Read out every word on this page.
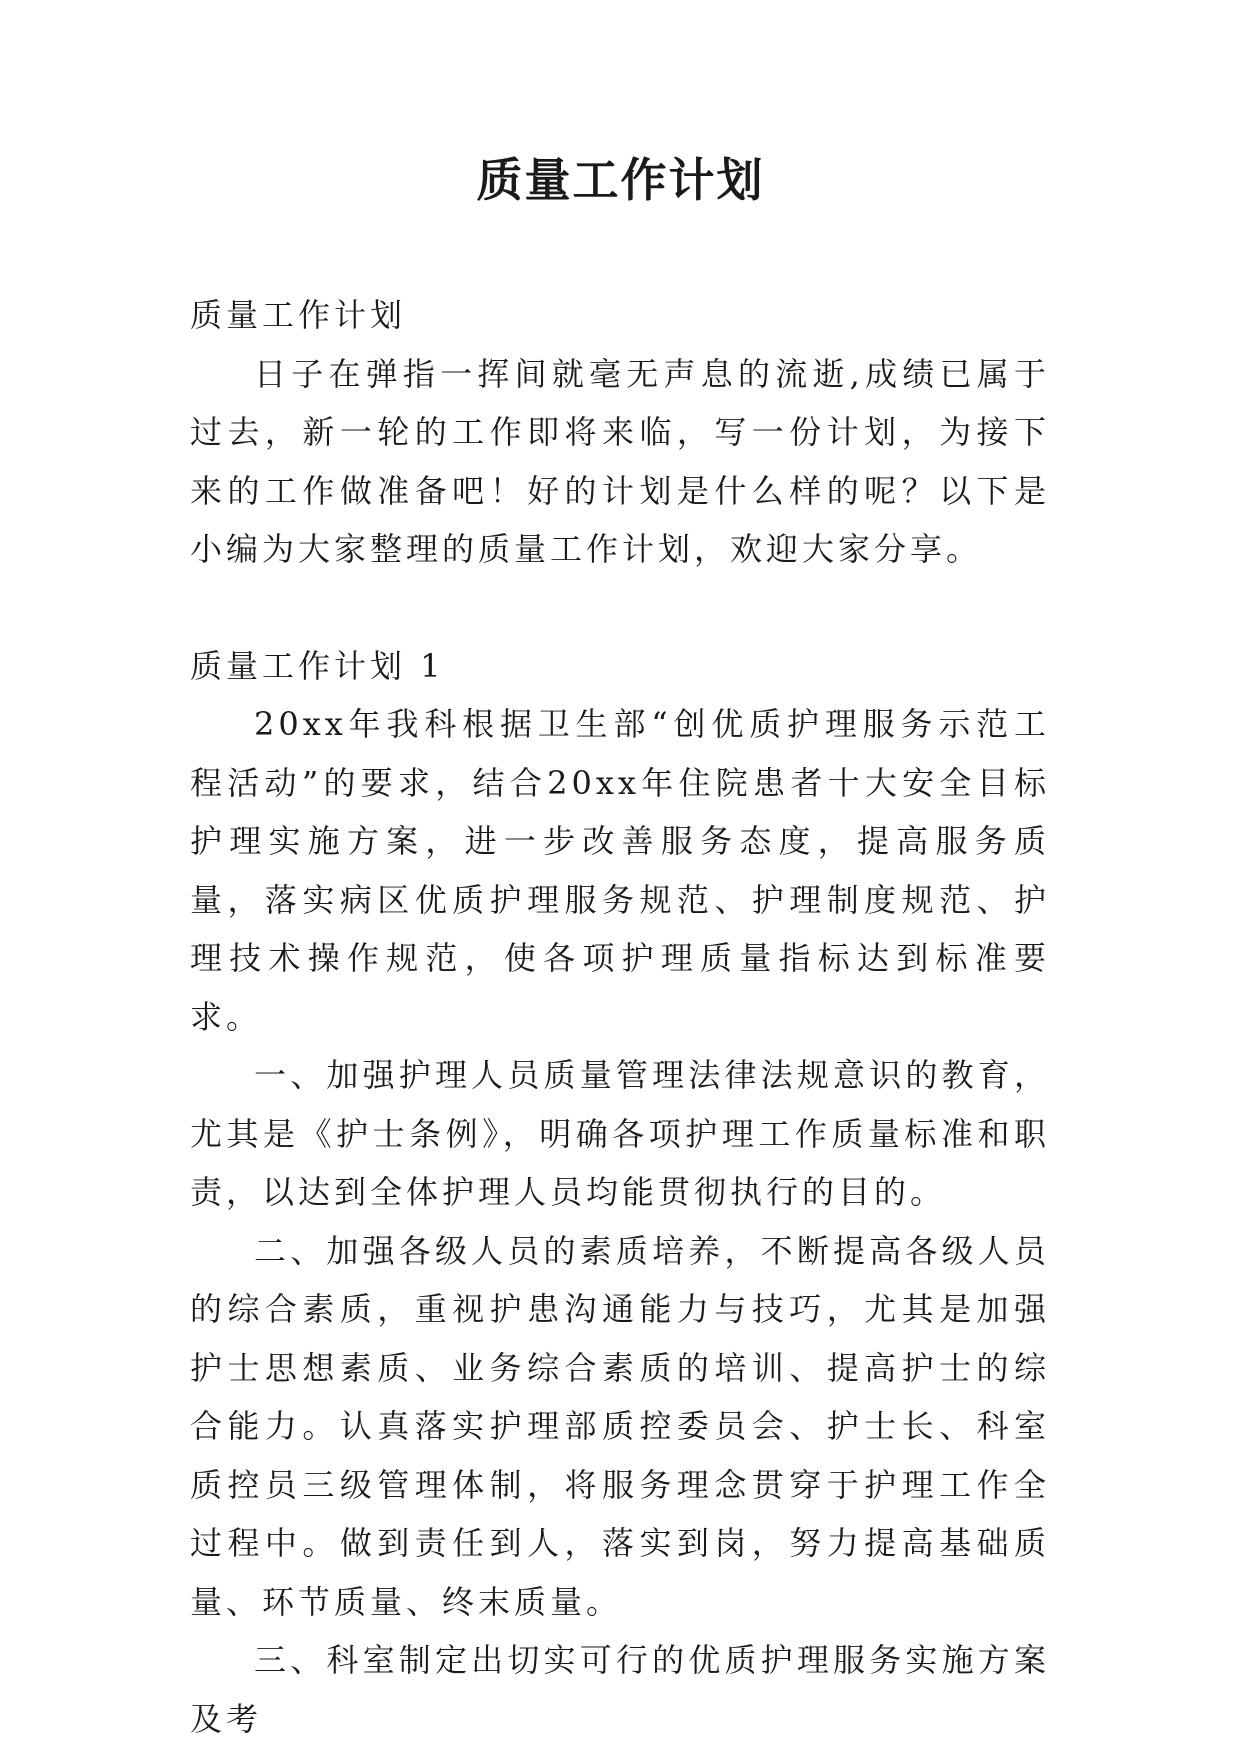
质量工作计划

质量工作计划

日子在弹指一挥间就毫无声息的流逝,成绩已属于过去，新一轮的工作即将来临，写一份计划，为接下来的工作做准备吧！好的计划是什么样的呢？以下是小编为大家整理的质量工作计划，欢迎大家分享。

质量工作计划 1

20xx年我科根据卫生部“创优质护理服务示范工程活动”的要求，结合20xx年住院患者十大安全目标护理实施方案，进一步改善服务态度，提高服务质量，落实病区优质护理服务规范、护理制度规范、护理技术操作规范，使各项护理质量指标达到标准要求。

一、加强护理人员质量管理法律法规意识的教育，尤其是《护士条例》，明确各项护理工作质量标准和职责，以达到全体护理人员均能贯彻执行的目的。

二、加强各级人员的素质培养，不断提高各级人员的综合素质，重视护患沟通能力与技巧，尤其是加强护士思想素质、业务综合素质的培训、提高护士的综合能力。认真落实护理部质控委员会、护士长、科室质控员三级管理体制，将服务理念贯穿于护理工作全过程中。做到责任到人，落实到岗，努力提高基础质量、环节质量、终末质量。

三、科室制定出切实可行的优质护理服务实施方案及考
